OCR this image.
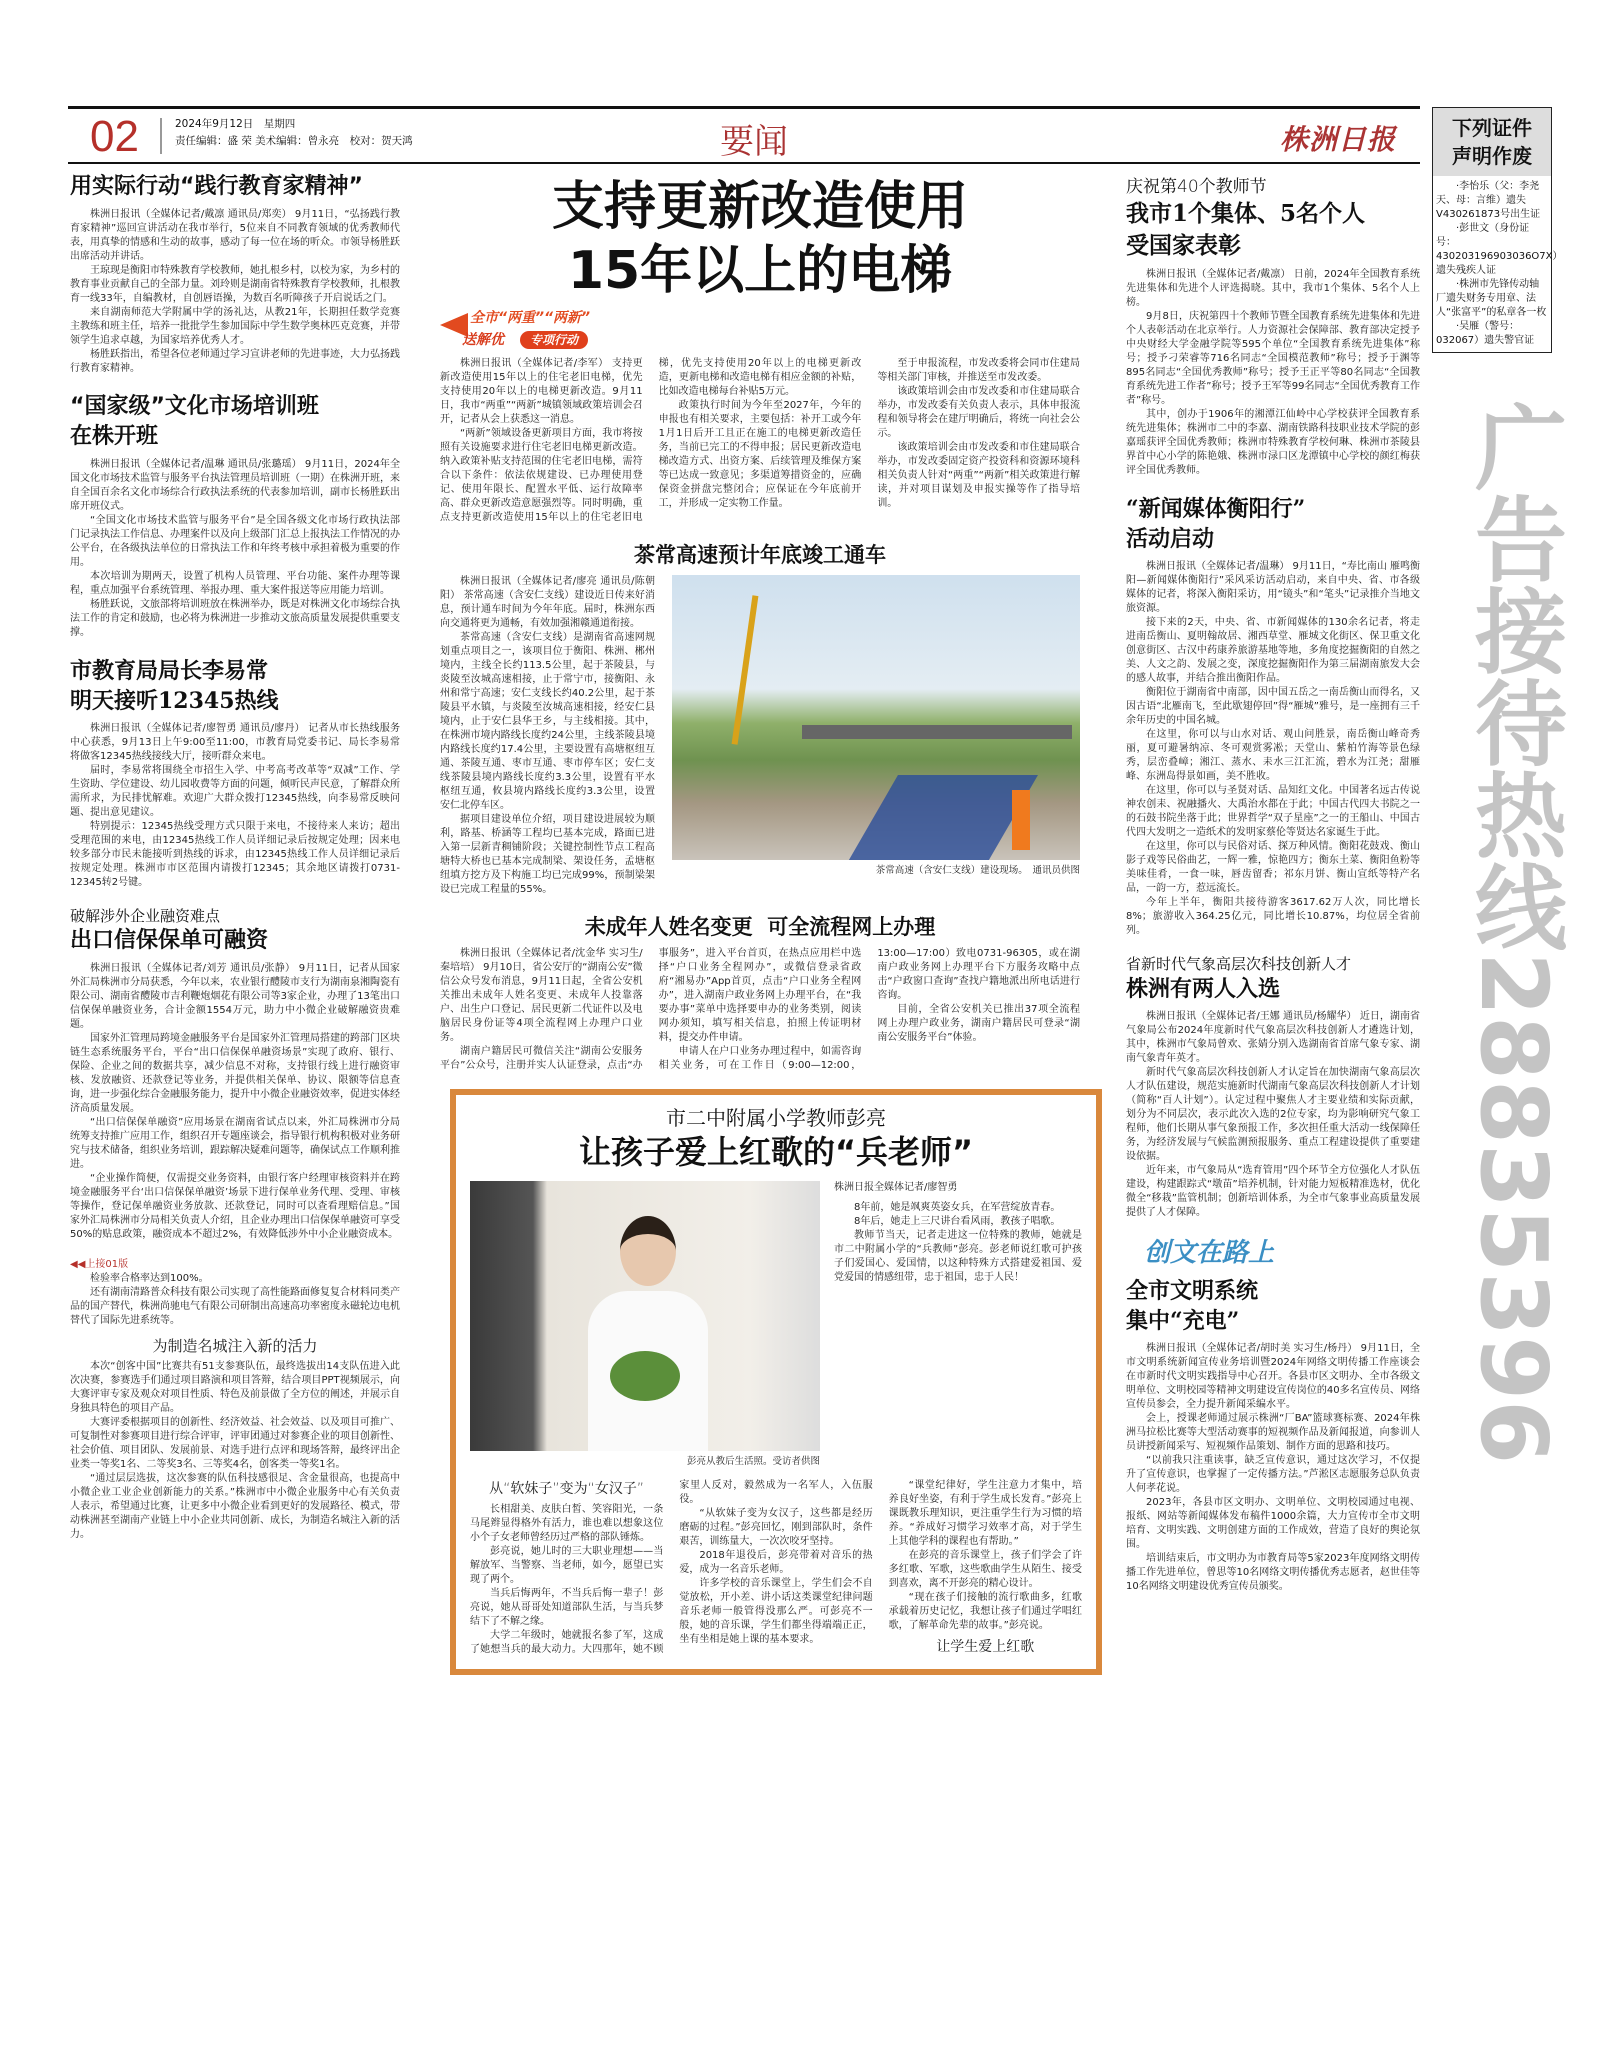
02	2024年9月12日　星期四
责任编辑：盛 荣 美术编辑：曾永亮　校对：贺天鸿	要闻	株洲日报	下列证件
声明作废

·李怡乐（父：李尧天、母：言维）遗失V430261873号出生证

·彭世文（身份证号：430203196903036O7X）遗失残疾人证

·株洲市先锋传动轴厂遗失财务专用章、法人“张富平”的私章各一枚

·吴雁（警号：032067）遗失警官证

广告接待热线28835396
用实际行动“践行教育家精神”

株洲日报讯（全媒体记者/戴凛 通讯员/郑奕） 9月11日，“弘扬践行教育家精神”巡回宣讲活动在我市举行，5位来自不同教育领域的优秀教师代表，用真挚的情感和生动的故事，感动了每一位在场的听众。市领导杨胜跃出席活动并讲话。

王琼现是衡阳市特殊教育学校教师，她扎根乡村，以校为家，为乡村的教育事业贡献自己的全部力量。刘玲则是湖南省特殊教育学校教师，扎根教育一线33年，自编教材，自创唇语操，为数百名听障孩子开启说话之门。

来自湖南师范大学附属中学的汤礼达，从教21年，长期担任数学竞赛主教练和班主任，培养一批批学生参加国际中学生数学奥林匹克竞赛，并带领学生追求卓越，为国家培养优秀人才。

杨胜跃指出，希望各位老师通过学习宣讲老师的先进事迹，大力弘扬践行教育家精神。

“国家级”文化市场培训班
在株开班

株洲日报讯（全媒体记者/温琳 通讯员/张璐瑶） 9月11日，2024年全国文化市场技术监管与服务平台执法管理员培训班（一期）在株洲开班，来自全国百余名文化市场综合行政执法系统的代表参加培训，副市长杨胜跃出席开班仪式。

“全国文化市场技术监管与服务平台”是全国各级文化市场行政执法部门记录执法工作信息、办理案件以及向上级部门汇总上报执法工作情况的办公平台，在各级执法单位的日常执法工作和年终考核中承担着极为重要的作用。

本次培训为期两天，设置了机构人员管理、平台功能、案件办理等课程，重点加强平台系统管理、举报办理、重大案件报送等应用能力培训。

杨胜跃说，文旅部将培训班放在株洲举办，既是对株洲文化市场综合执法工作的肯定和鼓励，也必将为株洲进一步推动文旅高质量发展提供重要支撑。

市教育局局长李易常
明天接听12345热线

株洲日报讯（全媒体记者/廖智勇 通讯员/廖丹） 记者从市长热线服务中心获悉，9月13日上午9:00至11:00，市教育局党委书记、局长李易常将做客12345热线接线大厅，接听群众来电。

届时，李易常将围绕全市招生入学、中考高考改革等“双减”工作、学生资助、学位建设、幼儿园收费等方面的问题，倾听民声民意，了解群众所需所求，为民排忧解难。欢迎广大群众拨打12345热线，向李易常反映问题、提出意见建议。

特别提示：12345热线受理方式只限于来电，不接待来人来访；超出受理范围的来电，由12345热线工作人员详细记录后按规定处理；因来电较多部分市民未能接听到热线的诉求，由12345热线工作人员详细记录后按规定处理。株洲市市区范围内请拨打12345；其余地区请拨打0731-12345转2号键。

破解涉外企业融资难点
出口信保保单可融资

株洲日报讯（全媒体记者/刘芳 通讯员/张静） 9月11日，记者从国家外汇局株洲市分局获悉，今年以来，农业银行醴陵市支行为湖南泉湘陶瓷有限公司、湖南省醴陵市吉利鞭炮烟花有限公司等3家企业，办理了13笔出口信保保单融资业务，合计金额1554万元，助力中小微企业破解融资贵难题。

国家外汇管理局跨境金融服务平台是国家外汇管理局搭建的跨部门区块链生态系统服务平台，平台“出口信保保单融资场景”实现了政府、银行、保险、企业之间的数据共享，减少信息不对称，支持银行线上进行融资审核、发放融资、还款登记等业务，并提供相关保单、协议、限额等信息查询，进一步强化综合金融服务能力，提升中小微企业融资效率，促进实体经济高质量发展。

“出口信保保单融资”应用场景在湖南省试点以来，外汇局株洲市分局统筹支持推广应用工作，组织召开专题座谈会，指导银行机构积极对业务研究与技术储备，组织业务培训，跟踪解决疑难问题等，确保试点工作顺利推进。

“企业操作简便，仅需提交业务资料，由银行客户经理审核资料并在跨境金融服务平台‘出口信保保单融资’场景下进行保单业务代理、受理、审核等操作，登记保单融资业务放款、还款登记，同时可以查看理赔信息。”国家外汇局株洲市分局相关负责人介绍，且企业办理出口信保保单融资可享受50%的贴息政策，融资成本不超过2%，有效降低涉外中小企业融资成本。

◀◀上接01版

检验率合格率达到100%。

还有湖南清路普众科技有限公司实现了高性能路面修复复合材料同类产品的国产替代，株洲尚驰电气有限公司研制出高速高功率密度永磁轮边电机替代了国际先进系统等。

为制造名城注入新的活力

本次“创客中国”比赛共有51支参赛队伍，最终选拔出14支队伍进入此次决赛，参赛选手们通过项目路演和项目答辩，结合项目PPT视频展示，向大赛评审专家及观众对项目性质、特色及前景做了全方位的阐述，并展示自身独具特色的项目产品。

大赛评委根据项目的创新性、经济效益、社会效益、以及项目可推广、可复制性对参赛项目进行综合评审，评审团通过对参赛企业的项目创新性、社会价值、项目团队、发展前景、对选手进行点评和现场答辩，最终评出企业类一等奖1名、二等奖3名、三等奖4名，创客类一等奖1名。

“通过层层选拔，这次参赛的队伍科技感很足、含金量很高，也提高中小微企业工业企业创新能力的关系。”株洲市中小微企业服务中心有关负责人表示，希望通过比赛，让更多中小微企业看到更好的发展路径、模式，带动株洲甚至湖南产业链上中小企业共同创新、成长，为制造名城注入新的活力。

支持更新改造使用
15年以上的电梯
全市“两重”“两新”
送解优	专项行动

株洲日报讯（全媒体记者/李军） 支持更新改造使用15年以上的住宅老旧电梯，优先支持使用20年以上的电梯更新改造。9月11日，我市“两重”“两新”城镇领域政策培训会召开，记者从会上获悉这一消息。

“两新”领域设备更新项目方面，我市将按照有关设施要求进行住宅老旧电梯更新改造。纳入政策补贴支持范围的住宅老旧电梯，需符合以下条件：依法依规建设、已办理使用登记、使用年限长、配置水平低、运行故障率高、群众更新改造意愿强烈等。同时明确，重点支持更新改造使用15年以上的住宅老旧电梯，优先支持使用20年以上的电梯更新改造，更新电梯和改造电梯有相应金额的补贴，比如改造电梯每台补贴5万元。

政策执行时间为今年至2027年，今年的申报也有相关要求，主要包括：补开工或今年1月1日后开工且正在施工的电梯更新改造任务，当前已完工的不得申报；居民更新改造电梯改造方式、出资方案、后续管理及维保方案等已达成一致意见；多渠道筹措资金的，应确保资金拼盘完整闭合；应保证在今年底前开工，并形成一定实物工作量。

至于申报流程，市发改委将会同市住建局等相关部门审核，并推送至市发改委。

该政策培训会由市发改委和市住建局联合举办，市发改委有关负责人表示，具体申报流程和领导将会在建厅明确后，将统一向社会公示。

该政策培训会由市发改委和市住建局联合举办，市发改委固定资产投资科和资源环境科相关负责人针对“两重”“两新”相关政策进行解读，并对项目谋划及申报实操等作了指导培训。

茶常高速预计年底竣工通车

株洲日报讯（全媒体记者/廖亮 通讯员/陈朝阳） 茶常高速（含安仁支线）建设近日传来好消息，预计通车时间为今年年底。届时，株洲东西向交通将更为通畅，有效加强湘赣通道衔接。

茶常高速（含安仁支线）是湖南省高速网规划重点项目之一，该项目位于衡阳、株洲、郴州境内，主线全长约113.5公里，起于茶陵县，与炎陵至汝城高速相接，止于常宁市，接衡阳、永州和常宁高速；安仁支线长约40.2公里，起于茶陵县平水镇，与炎陵至汝城高速相接，经安仁县境内，止于安仁县华王乡，与主线相接。其中，在株洲市境内路线长度约24公里，主线茶陵县境内路线长度约17.4公里，主要设置有高塘枢纽互通、茶陵互通、枣市互通、枣市停车区；安仁支线茶陵县境内路线长度约3.3公里，设置有平水枢纽互通，攸县境内路线长度约3.3公里，设置安仁北停车区。

据项目建设单位介绍，项目建设进展较为顺利，路基、桥涵等工程均已基本完成，路面已进入第一层新青稠铺阶段；关键控制性节点工程高塘特大桥也已基本完成制梁、架设任务，孟塘枢纽填方挖方及下构施工均已完成99%，预制梁架设已完成工程量的55%。

茶常高速（含安仁支线）建设现场。　通讯员供图
未成年人姓名变更  可全流程网上办理

株洲日报讯（全媒体记者/沈金华 实习生/秦培培） 9月10日，省公安厅的“湖南公安”微信公众号发布消息，9月11日起，全省公安机关推出未成年人姓名变更、未成年人投靠落户、出生户口登记、居民更新二代证件以及电脑居民身份证等4项全流程网上办理户口业务。

湖南户籍居民可微信关注“湖南公安服务平台”公众号，注册并实人认证登录，点击“办事服务”，进入平台首页，在热点应用栏中选择“户口业务全程网办”，或微信登录省政府“湘易办”App首页，点击“户口业务全程网办”，进入湖南户政业务网上办理平台，在“我要办事”菜单中选择要申办的业务类别，阅读网办须知，填写相关信息，拍照上传证明材料，提交办件申请。

申请人在户口业务办理过程中，如需咨询相关业务，可在工作日（9:00—12:00，13:00—17:00）致电0731-96305，或在湖南户政业务网上办理平台下方服务攻略中点击“户政窗口查询”查找户籍地派出所电话进行咨询。

目前，全省公安机关已推出37项全流程网上办理户政业务，湖南户籍居民可登录“湖南公安服务平台”体验。

市二中附属小学教师彭亮
让孩子爱上红歌的“兵老师”
彭亮从教后生活照。受访者供图
株洲日报全媒体记者/廖智勇

8年前，她是飒爽英姿女兵，在军营绽放青春。

8年后，她走上三尺讲台看风雨，教孩子唱歌。

教师节当天，记者走进这一位特殊的教师，她就是市二中附属小学的“兵教师”彭亮。彭老师说红歌可护孩子们爱国心、爱国情，以这种特殊方式搭建爱祖国、爱党爱国的情感纽带，忠于祖国，忠于人民！

从“软妹子”变为“女汉子”

长相甜美、皮肤白皙、笑容阳光，一条马尾辫显得格外有活力，谁也难以想象这位小个子女老师曾经历过严格的部队锤炼。

彭亮说，她儿时的三大职业理想——当解放军、当警察、当老师，如今，愿望已实现了两个。

当兵后悔两年，不当兵后悔一辈子！彭亮说，她从哥哥处知道部队生活，与当兵梦结下了不解之缘。

大学二年级时，她就报名参了军，这成了她想当兵的最大动力。大四那年，她不顾家里人反对，毅然成为一名军人，入伍服役。

“从软妹子变为女汉子，这些都是经历磨砺的过程。”彭亮回忆，刚到部队时，条件艰苦，训练量大，一次次咬牙坚持。

2018年退役后，彭亮带着对音乐的热爱，成为一名音乐老师。

许多学校的音乐课堂上，学生们会不自觉放松，开小差、讲小话这类课堂纪律问题音乐老师一般管得没那么严。可彭亮不一般，她的音乐课，学生们都坐得端端正正，坐有坐相是她上课的基本要求。

“课堂纪律好，学生注意力才集中，培养良好坐姿，有利于学生成长发育。”彭亮上课既教乐理知识，更注重学生行为习惯的培养。“养成好习惯学习效率才高，对于学生上其他学科的课程也有帮助。”

在彭亮的音乐课堂上，孩子们学会了许多红歌、军歌，这些歌曲学生从陌生、接受到喜欢，离不开彭亮的精心设计。

“现在孩子们接触的流行歌曲多，红歌承载着历史记忆，我想让孩子们通过学唱红歌，了解革命先辈的故事。”彭亮说。

让学生爱上红歌
庆祝第40个教师节
我市1个集体、5名个人
受国家表彰

株洲日报讯（全媒体记者/戴凛） 日前，2024年全国教育系统先进集体和先进个人评选揭晓。其中，我市1个集体、5名个人上榜。

9月8日，庆祝第四十个教师节暨全国教育系统先进集体和先进个人表彰活动在北京举行。人力资源社会保障部、教育部决定授予中央财经大学金融学院等595个单位“全国教育系统先进集体”称号；授予刁荣睿等716名同志“全国模范教师”称号；授予于渊等895名同志“全国优秀教师”称号；授予王正平等80名同志“全国教育系统先进工作者”称号；授予王军等99名同志“全国优秀教育工作者”称号。

其中，创办于1906年的湘潭江仙岭中心学校获评全国教育系统先进集体；株洲市二中的李嘉、湖南铁路科技职业技术学院的彭嘉瑶获评全国优秀教师；株洲市特殊教育学校何琳、株洲市茶陵县界首中心小学的陈艳娥、株洲市渌口区龙潭镇中心学校的颜红梅获评全国优秀教师。

“新闻媒体衡阳行”
活动启动

株洲日报讯（全媒体记者/温琳） 9月11日，“寿比南山 雁鸣衡阳—新闻媒体衡阳行”采风采访活动启动，来自中央、省、市各级媒体的记者，将深入衡阳采访，用“镜头”和“笔头”记录推介当地文旅资源。

接下来的2天，中央、省、市新闻媒体的130余名记者，将走进南岳衡山、夏明翰故居、湘西草堂、雁城文化街区、保卫重文化创意街区、古汉中药康养旅游基地等地，多角度挖掘衡阳的自然之美、人文之韵、发展之变，深度挖掘衡阳作为第三届湖南旅发大会的感人故事，并结合推出衡阳作品。

衡阳位于湖南省中南部，因中国五岳之一南岳衡山而得名，又因古语“北雁南飞，至此歇翅停回”得“雁城”雅号，是一座拥有三千余年历史的中国名城。

在这里，你可以与山水对话、观山问胜景，南岳衡山峰奇秀丽，夏可避暑纳凉、冬可观赏雾凇；天堂山、紫柏竹海等景色绿秀，层峦叠嶂；湘江、蒸水、耒水三江汇流，碧水为江尧；甜雁峰、东洲岛得景如画，美不胜收。

在这里，你可以与圣贤对话、品知红文化。中国著名远古传说神农创耒、祝融播火、大禹治水都在于此；中国古代四大书院之一的石鼓书院坐落于此；世界哲学“双子星座”之一的王船山、中国古代四大发明之一造纸术的发明家蔡伦等贤达名家诞生于此。

在这里，你可以与民俗对话、探万种风情。衡阳花鼓戏、衡山影子戏等民俗曲艺，一辉一雅，惊艳四方；衡东土菜、衡阳鱼粉等美味佳肴，一食一味，唇齿留香；祁东月饼、衡山宣纸等特产名品，一韵一方，惹远流长。

今年上半年，衡阳共接待游客3617.62万人次，同比增长8%；旅游收入364.25亿元，同比增长10.87%，均位居全省前列。

省新时代气象高层次科技创新人才
株洲有两人入选

株洲日报讯（全媒体记者/王娜 通讯员/杨耀华） 近日，湖南省气象局公布2024年度新时代气象高层次科技创新人才遴选计划，其中，株洲市气象局曾欢、张婧分别入选湖南省首席气象专家、湖南气象青年英才。

新时代气象高层次科技创新人才认定旨在加快湖南气象高层次人才队伍建设，规范实施新时代湖南气象高层次科技创新人才计划（简称“百人计划”）。认定过程中聚焦人才主要业绩和实际贡献，划分为不同层次，表示此次入选的2位专家，均为影响研究气象工程师，他们长期从事气象预报工作，多次担任重大活动一线保障任务，为经济发展与气候监测预报服务、重点工程建设提供了重要建设依据。

近年来，市气象局从“选育管用”四个环节全方位强化人才队伍建设，构建跟踪式“墩苗”培养机制，针对能力短板精准选材，优化微全“移栽”监管机制；创新培训体系，为全市气象事业高质量发展提供了人才保障。

创文在路上
全市文明系统
集中“充电”

株洲日报讯（全媒体记者/胡时美 实习生/杨丹） 9月11日，全市文明系统新闻宣传业务培训暨2024年网络文明传播工作座谈会在市新时代文明实践指导中心召开。各县市区文明办、全市各级文明单位、文明校园等精神文明建设宣传岗位的40多名宣传员、网络宣传员参会，全力提升新闻采编水平。

会上，授课老师通过展示株洲“厂BA”篮球赛标赛、2024年株洲马拉松比赛等大型活动赛事的短视频作品及新闻报道，向参训人员讲授新闻采写、短视频作品策划、制作方面的思路和技巧。

“以前我只注重读事，缺乏宣传意识，通过这次学习，不仅提升了宣传意识，也掌握了一定传播方法。”芦淞区志愿服务总队负责人何孝花说。

2023年，各县市区文明办、文明单位、文明校园通过电视、报纸、网站等新闻媒体发布稿件1000余篇，大力宣传市全市文明培育、文明实践、文明创建方面的工作成效，营造了良好的舆论氛围。

培训结束后，市文明办为市教育局等5家2023年度网络文明传播工作先进单位，曾思等10名网络文明传播优秀志愿者，赵世佳等10名网络文明建设优秀宣传员颁奖。
